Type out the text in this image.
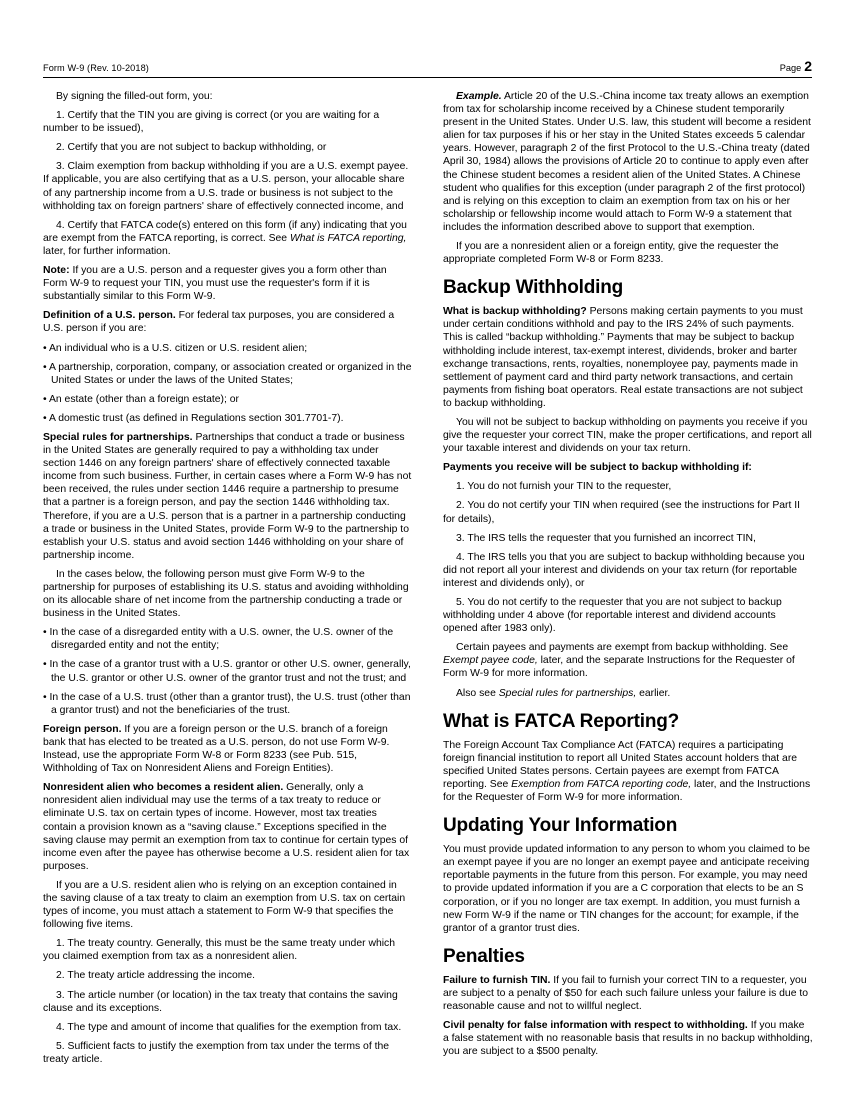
Form W-9 (Rev. 10-2018)	Page 2

By signing the filled-out form, you:

1. Certify that the TIN you are giving is correct (or you are waiting for a number to be issued),

2. Certify that you are not subject to backup withholding, or

3. Claim exemption from backup withholding if you are a U.S. exempt payee. If applicable, you are also certifying that as a U.S. person, your allocable share of any partnership income from a U.S. trade or business is not subject to the withholding tax on foreign partners' share of effectively connected income, and

4. Certify that FATCA code(s) entered on this form (if any) indicating that you are exempt from the FATCA reporting, is correct. See What is FATCA reporting, later, for further information.

Note: If you are a U.S. person and a requester gives you a form other than Form W-9 to request your TIN, you must use the requester's form if it is substantially similar to this Form W-9.

Definition of a U.S. person. For federal tax purposes, you are considered a U.S. person if you are:

• An individual who is a U.S. citizen or U.S. resident alien;

• A partnership, corporation, company, or association created or organized in the United States or under the laws of the United States;

• An estate (other than a foreign estate); or

• A domestic trust (as defined in Regulations section 301.7701-7).

Special rules for partnerships. Partnerships that conduct a trade or business in the United States are generally required to pay a withholding tax under section 1446 on any foreign partners' share of effectively connected taxable income from such business. Further, in certain cases where a Form W-9 has not been received, the rules under section 1446 require a partnership to presume that a partner is a foreign person, and pay the section 1446 withholding tax. Therefore, if you are a U.S. person that is a partner in a partnership conducting a trade or business in the United States, provide Form W-9 to the partnership to establish your U.S. status and avoid section 1446 withholding on your share of partnership income.

In the cases below, the following person must give Form W-9 to the partnership for purposes of establishing its U.S. status and avoiding withholding on its allocable share of net income from the partnership conducting a trade or business in the United States.

• In the case of a disregarded entity with a U.S. owner, the U.S. owner of the disregarded entity and not the entity;

• In the case of a grantor trust with a U.S. grantor or other U.S. owner, generally, the U.S. grantor or other U.S. owner of the grantor trust and not the trust; and

• In the case of a U.S. trust (other than a grantor trust), the U.S. trust (other than a grantor trust) and not the beneficiaries of the trust.

Foreign person. If you are a foreign person or the U.S. branch of a foreign bank that has elected to be treated as a U.S. person, do not use Form W-9. Instead, use the appropriate Form W-8 or Form 8233 (see Pub. 515, Withholding of Tax on Nonresident Aliens and Foreign Entities).

Nonresident alien who becomes a resident alien. Generally, only a nonresident alien individual may use the terms of a tax treaty to reduce or eliminate U.S. tax on certain types of income. However, most tax treaties contain a provision known as a “saving clause.” Exceptions specified in the saving clause may permit an exemption from tax to continue for certain types of income even after the payee has otherwise become a U.S. resident alien for tax purposes.

If you are a U.S. resident alien who is relying on an exception contained in the saving clause of a tax treaty to claim an exemption from U.S. tax on certain types of income, you must attach a statement to Form W-9 that specifies the following five items.

1. The treaty country. Generally, this must be the same treaty under which you claimed exemption from tax as a nonresident alien.

2. The treaty article addressing the income.

3. The article number (or location) in the tax treaty that contains the saving clause and its exceptions.

4. The type and amount of income that qualifies for the exemption from tax.

5. Sufficient facts to justify the exemption from tax under the terms of the treaty article.

Example. Article 20 of the U.S.-China income tax treaty allows an exemption from tax for scholarship income received by a Chinese student temporarily present in the United States. Under U.S. law, this student will become a resident alien for tax purposes if his or her stay in the United States exceeds 5 calendar years. However, paragraph 2 of the first Protocol to the U.S.-China treaty (dated April 30, 1984) allows the provisions of Article 20 to continue to apply even after the Chinese student becomes a resident alien of the United States. A Chinese student who qualifies for this exception (under paragraph 2 of the first protocol) and is relying on this exception to claim an exemption from tax on his or her scholarship or fellowship income would attach to Form W-9 a statement that includes the information described above to support that exemption.

If you are a nonresident alien or a foreign entity, give the requester the appropriate completed Form W-8 or Form 8233.

Backup Withholding

What is backup withholding? Persons making certain payments to you must under certain conditions withhold and pay to the IRS 24% of such payments. This is called “backup withholding.” Payments that may be subject to backup withholding include interest, tax-exempt interest, dividends, broker and barter exchange transactions, rents, royalties, nonemployee pay, payments made in settlement of payment card and third party network transactions, and certain payments from fishing boat operators. Real estate transactions are not subject to backup withholding.

You will not be subject to backup withholding on payments you receive if you give the requester your correct TIN, make the proper certifications, and report all your taxable interest and dividends on your tax return.

Payments you receive will be subject to backup withholding if:

1. You do not furnish your TIN to the requester,

2. You do not certify your TIN when required (see the instructions for Part II for details),

3. The IRS tells the requester that you furnished an incorrect TIN,

4. The IRS tells you that you are subject to backup withholding because you did not report all your interest and dividends on your tax return (for reportable interest and dividends only), or

5. You do not certify to the requester that you are not subject to backup withholding under 4 above (for reportable interest and dividend accounts opened after 1983 only).

Certain payees and payments are exempt from backup withholding. See Exempt payee code, later, and the separate Instructions for the Requester of Form W-9 for more information.

Also see Special rules for partnerships, earlier.

What is FATCA Reporting?

The Foreign Account Tax Compliance Act (FATCA) requires a participating foreign financial institution to report all United States account holders that are specified United States persons. Certain payees are exempt from FATCA reporting. See Exemption from FATCA reporting code, later, and the Instructions for the Requester of Form W-9 for more information.

Updating Your Information

You must provide updated information to any person to whom you claimed to be an exempt payee if you are no longer an exempt payee and anticipate receiving reportable payments in the future from this person. For example, you may need to provide updated information if you are a C corporation that elects to be an S corporation, or if you no longer are tax exempt. In addition, you must furnish a new Form W-9 if the name or TIN changes for the account; for example, if the grantor of a grantor trust dies.

Penalties

Failure to furnish TIN. If you fail to furnish your correct TIN to a requester, you are subject to a penalty of $50 for each such failure unless your failure is due to reasonable cause and not to willful neglect.

Civil penalty for false information with respect to withholding. If you make a false statement with no reasonable basis that results in no backup withholding, you are subject to a $500 penalty.
